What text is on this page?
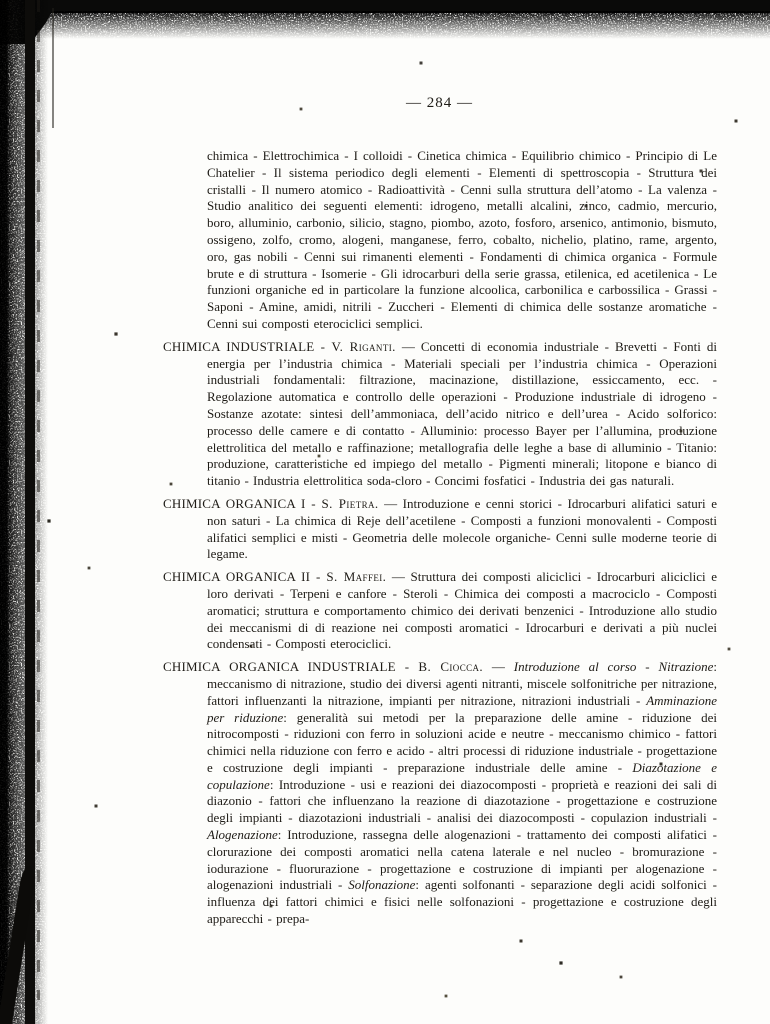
— 284 —

chimica - Elettrochimica - I colloidi - Cinetica chimica - Equilibrio chimico - Principio di Le Chatelier - Il sistema periodico degli elementi - Elementi di spettroscopia - Struttura dei cristalli - Il numero atomico - Radioattività - Cenni sulla struttura dell’atomo - La valenza - Studio analitico dei seguenti elementi: idrogeno, metalli alcalini, zinco, cadmio, mercurio, boro, alluminio, carbonio, silicio, stagno, piombo, azoto, fosforo, arsenico, antimonio, bismuto, ossigeno, zolfo, cromo, alogeni, manganese, ferro, cobalto, nichelio, platino, rame, argento, oro, gas nobili - Cenni sui rimanenti elementi - Fondamenti di chimica organica - Formule brute e di struttura - Isomerie - Gli idrocarburi della serie grassa, etilenica, ed acetilenica - Le funzioni organiche ed in particolare la funzione alcoolica, carbonilica e carbossilica - Grassi - Saponi - Amine, amidi, nitrili - Zuccheri - Elementi di chimica delle sostanze aromatiche - Cenni sui composti eterociclici semplici.

CHIMICA INDUSTRIALE - V. Riganti. — Concetti di economia industriale - Brevetti - Fonti di energia per l’industria chimica - Materiali speciali per l’industria chimica - Operazioni industriali fondamentali: filtrazione, macinazione, distillazione, essiccamento, ecc. - Regolazione automatica e controllo delle operazioni - Produzione industriale di idrogeno - Sostanze azotate: sintesi dell’ammoniaca, dell’acido nitrico e dell’urea - Acido solforico: processo delle camere e di contatto - Alluminio: processo Bayer per l’allumina, produzione elettrolitica del metallo e raffinazione; metallografia delle leghe a base di alluminio - Titanio: produzione, caratteristiche ed impiego del metallo - Pigmenti minerali; litopone e bianco di titanio - Industria elettrolitica soda-cloro - Concimi fosfatici - Industria dei gas naturali.

CHIMICA ORGANICA I - S. Pietra. — Introduzione e cenni storici - Idrocarburi alifatici saturi e non saturi - La chimica di Reje dell’acetilene - Composti a funzioni monovalenti - Composti alifatici semplici e misti - Geometria delle molecole organiche- Cenni sulle moderne teorie di legame.

CHIMICA ORGANICA II - S. Maffei. — Struttura dei composti aliciclici - Idrocarburi aliciclici e loro derivati - Terpeni e canfore - Steroli - Chimica dei composti a macrociclo - Composti aromatici; struttura e comportamento chimico dei derivati benzenici - Introduzione allo studio dei meccanismi di di reazione nei composti aromatici - Idrocarburi e derivati a più nuclei condensati - Composti eterociclici.

CHIMICA ORGANICA INDUSTRIALE - B. Ciocca. — Introduzione al corso - Nitrazione: meccanismo di nitrazione, studio dei diversi agenti nitranti, miscele solfonitriche per nitrazione, fattori influenzanti la nitrazione, impianti per nitrazione, nitrazioni industriali - Amminazione per riduzione: generalità sui metodi per la preparazione delle amine - riduzione dei nitrocomposti - riduzioni con ferro in soluzioni acide e neutre - meccanismo chimico - fattori chimici nella riduzione con ferro e acido - altri processi di riduzione industriale - progettazione e costruzione degli impianti - preparazione industriale delle amine - Diazotazione e copulazione: Introduzione - usi e reazioni dei diazocomposti - proprietà e reazioni dei sali di diazonio - fattori che influenzano la reazione di diazotazione - progettazione e costruzione degli impianti - diazotazioni industriali - analisi dei diazocomposti - copulazion industriali - Alogenazione: Introduzione, rassegna delle alogenazioni - trattamento dei composti alifatici - clorurazione dei composti aromatici nella catena laterale e nel nucleo - bromurazione - iodurazione - fluorurazione - progettazione e costruzione di impianti per alogenazione - alogenazioni industriali - Solfonazione: agenti solfonanti - separazione degli acidi solfonici - influenza dei fattori chimici e fisici nelle solfonazioni - progettazione e costruzione degli apparecchi - prepa-
